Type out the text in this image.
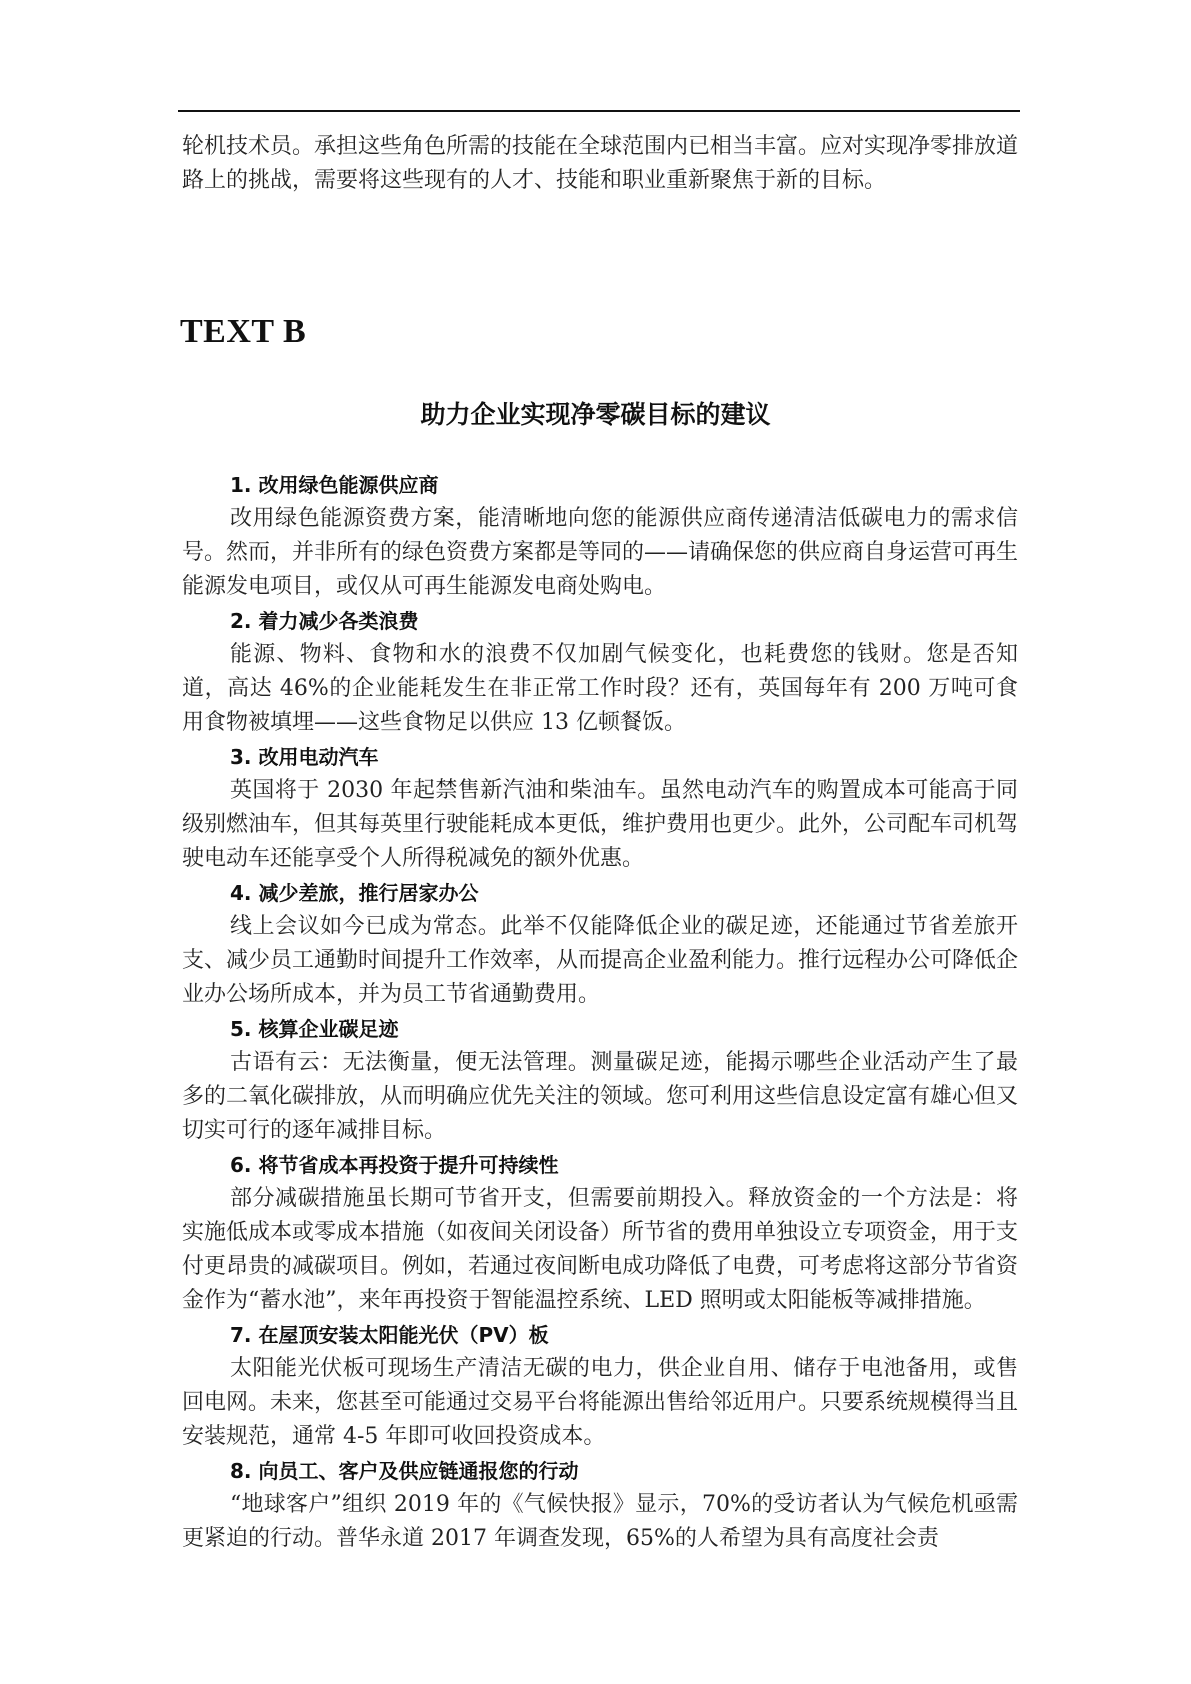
轮机技术员。承担这些角色所需的技能在全球范围内已相当丰富。应对实现净零排放道路上的挑战，需要将这些现有的人才、技能和职业重新聚焦于新的目标。

TEXT B
助力企业实现净零碳目标的建议

1. 改用绿色能源供应商

改用绿色能源资费方案，能清晰地向您的能源供应商传递清洁低碳电力的需求信号。然而，并非所有的绿色资费方案都是等同的——请确保您的供应商自身运营可再生能源发电项目，或仅从可再生能源发电商处购电。

2. 着力减少各类浪费

能源、物料、食物和水的浪费不仅加剧气候变化，也耗费您的钱财。您是否知道，高达 46%的企业能耗发生在非正常工作时段？还有，英国每年有 200 万吨可食用食物被填埋——这些食物足以供应 13 亿顿餐饭。

3. 改用电动汽车

英国将于 2030 年起禁售新汽油和柴油车。虽然电动汽车的购置成本可能高于同级别燃油车，但其每英里行驶能耗成本更低，维护费用也更少。此外，公司配车司机驾驶电动车还能享受个人所得税减免的额外优惠。

4. 减少差旅，推行居家办公

线上会议如今已成为常态。此举不仅能降低企业的碳足迹，还能通过节省差旅开支、减少员工通勤时间提升工作效率，从而提高企业盈利能力。推行远程办公可降低企业办公场所成本，并为员工节省通勤费用。

5. 核算企业碳足迹

古语有云：无法衡量，便无法管理。测量碳足迹，能揭示哪些企业活动产生了最多的二氧化碳排放，从而明确应优先关注的领域。您可利用这些信息设定富有雄心但又切实可行的逐年减排目标。

6. 将节省成本再投资于提升可持续性

部分减碳措施虽长期可节省开支，但需要前期投入。释放资金的一个方法是：将实施低成本或零成本措施（如夜间关闭设备）所节省的费用单独设立专项资金，用于支付更昂贵的减碳项目。例如，若通过夜间断电成功降低了电费，可考虑将这部分节省资金作为“蓄水池”，来年再投资于智能温控系统、LED 照明或太阳能板等减排措施。

7. 在屋顶安装太阳能光伏（PV）板

太阳能光伏板可现场生产清洁无碳的电力，供企业自用、储存于电池备用，或售回电网。未来，您甚至可能通过交易平台将能源出售给邻近用户。只要系统规模得当且安装规范，通常 4-5 年即可收回投资成本。

8. 向员工、客户及供应链通报您的行动

“地球客户”组织 2019 年的《气候快报》显示，70%的受访者认为气候危机亟需更紧迫的行动。普华永道 2017 年调查发现，65%的人希望为具有高度社会责
